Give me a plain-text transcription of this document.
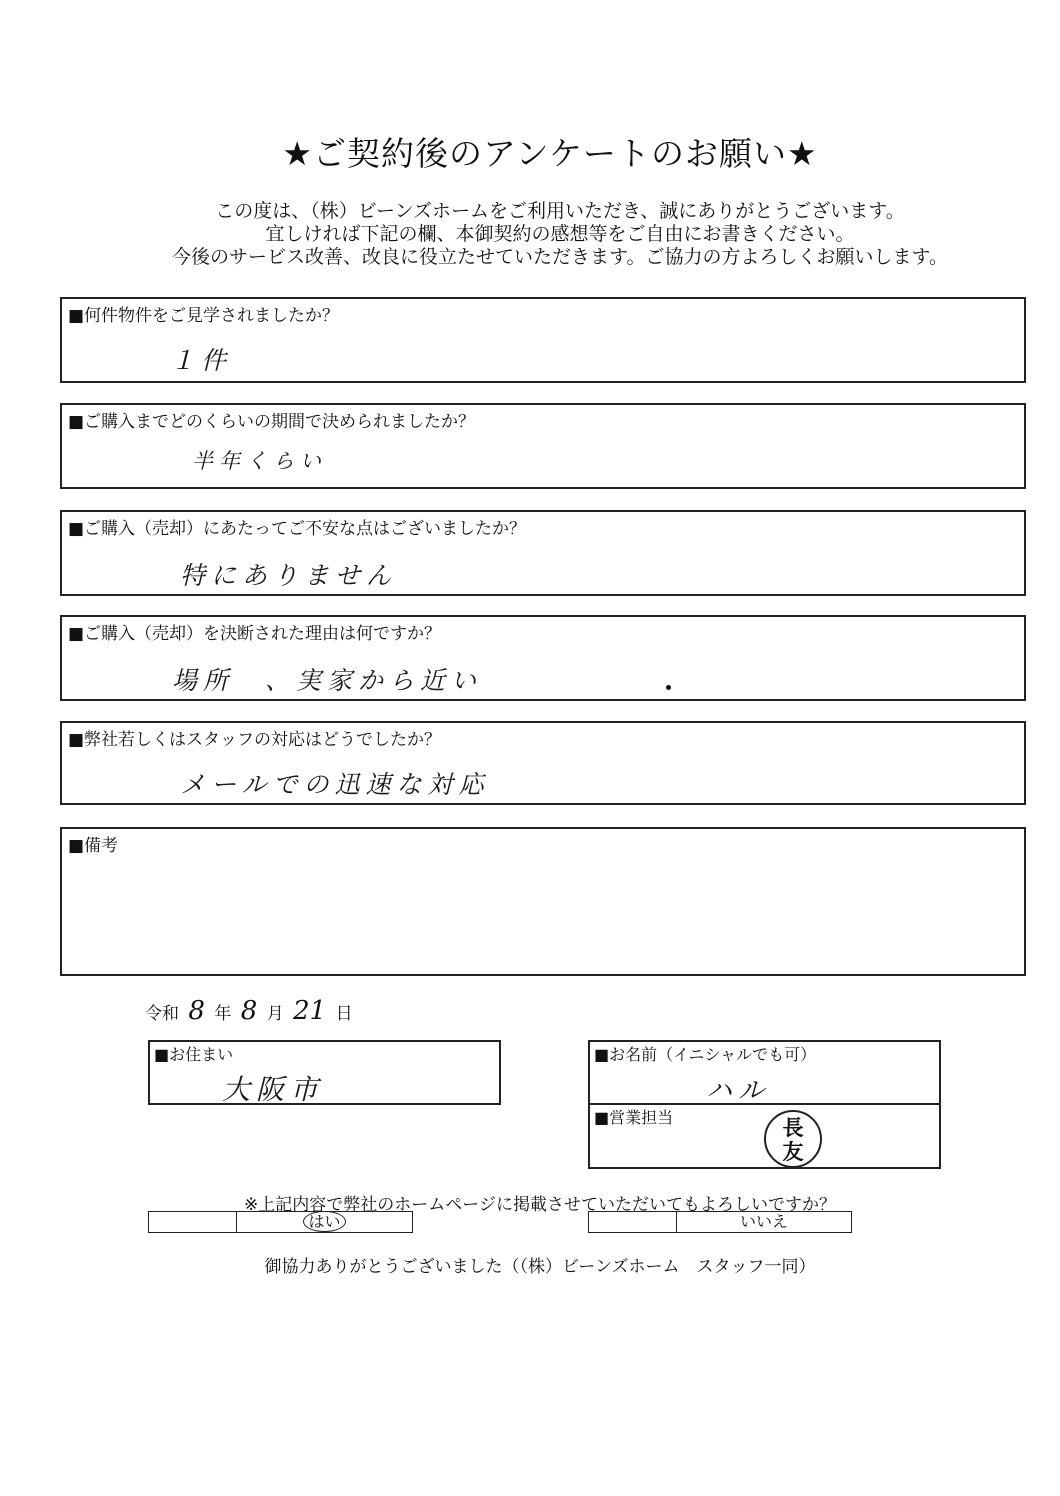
★ご契約後のアンケートのお願い★
この度は、（株）ビーンズホームをご利用いただき、誠にありがとうございます。
宜しければ下記の欄、本御契約の感想等をご自由にお書きください。
今後のサービス改善、改良に役立たせていただきます。ご協力の方よろしくお願いします。
■何件物件をご見学されましたか？
１件
■ご購入までどのくらいの期間で決められましたか？
半年くらい
■ご購入（売却）にあたってご不安な点はございましたか？
特にありません
■ご購入（売却）を決断された理由は何ですか？
場所　、実家から近い
■弊社若しくはスタッフの対応はどうでしたか？
メールでの迅速な対応
■備考
令和 8 年 8 月 21 日
■お住まい
大阪市
■お名前（イニシャルでも可）
ハル
■営業担当	長
友
※上記内容で弊社のホームページに掲載させていただいてもよろしいですか？
はい	いいえ
御協力ありがとうございました（（株）ビーンズホーム　スタッフ一同）
